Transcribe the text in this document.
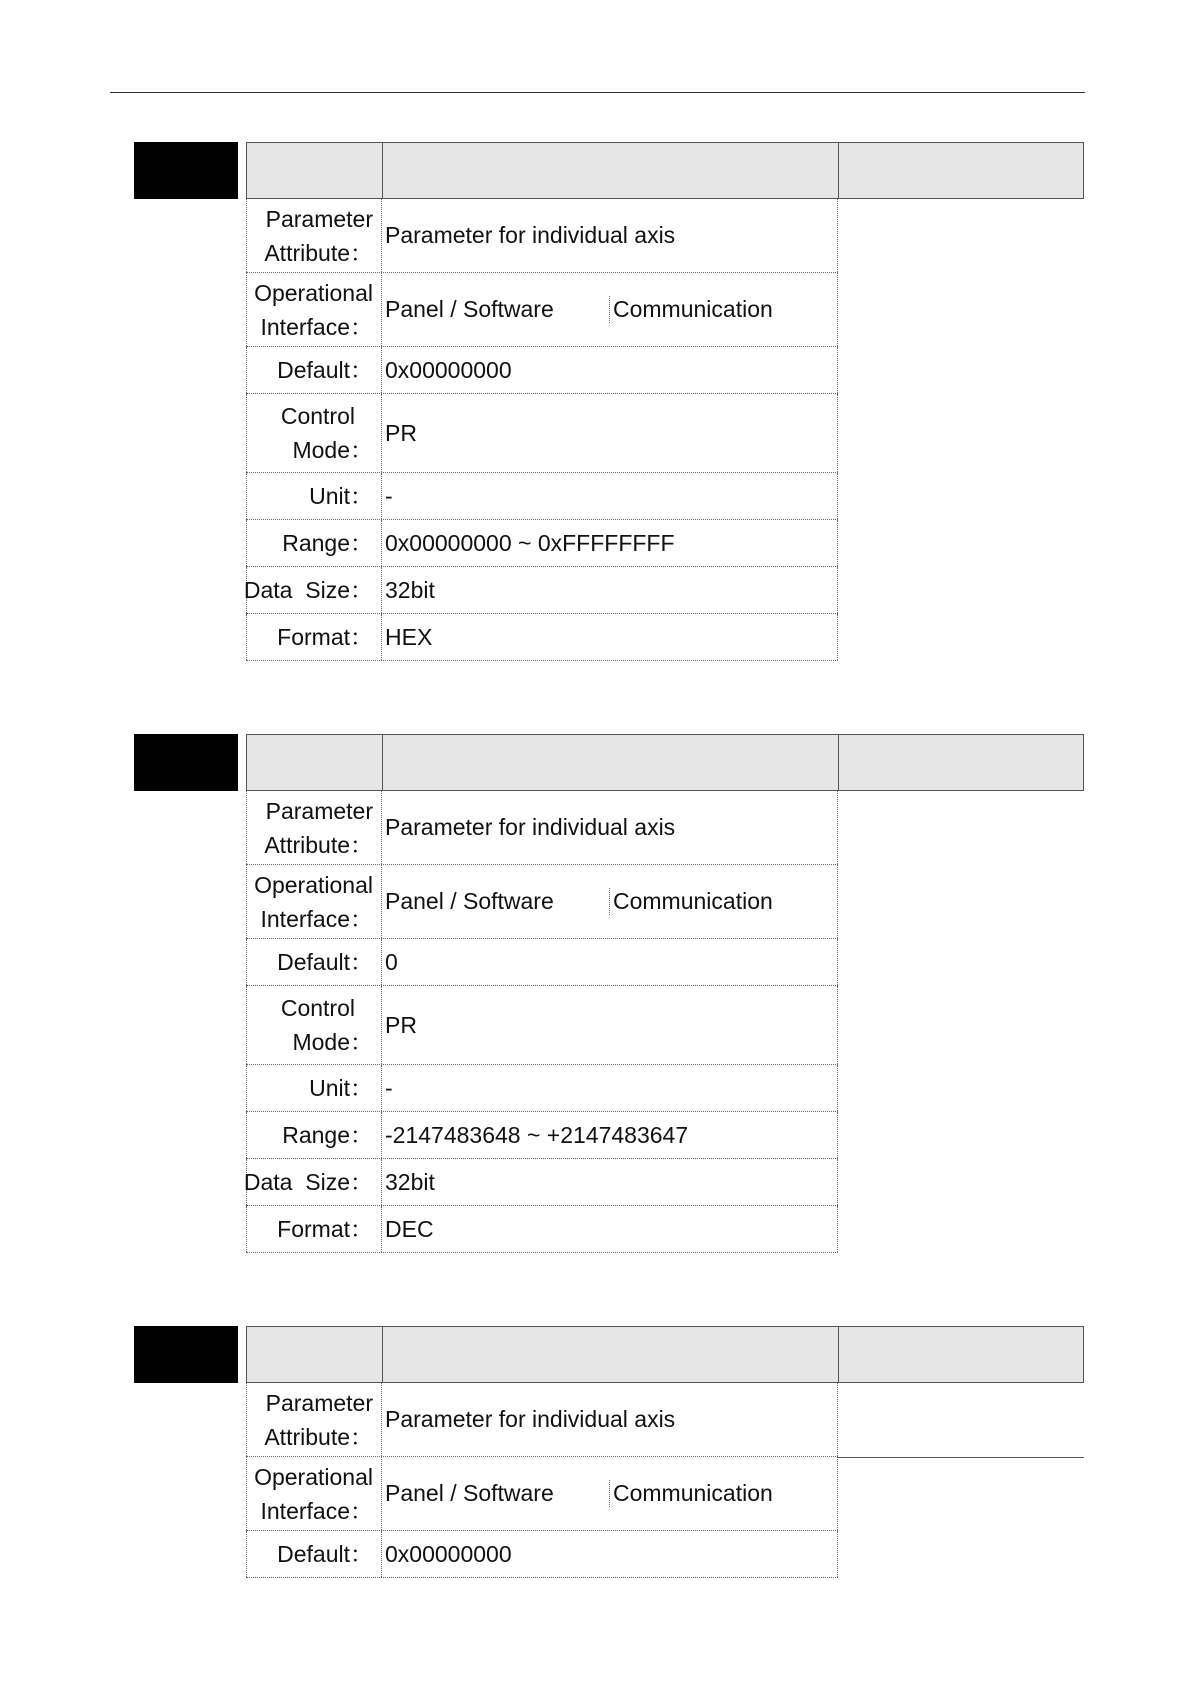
Parameter
Attribute：
Parameter for individual axis
Operational
Interface：
Panel / Software	Communication
Default： 0x00000000
Control
Mode：
PR
Unit： -
Range： 0x00000000 ~ 0xFFFFFFFF
Data  Size： 32bit
Format： HEX
Parameter
Attribute：
Parameter for individual axis
Operational
Interface：
Panel / Software	Communication
Default： 0
Control
Mode：
PR
Unit： -
Range： -2147483648 ~ +2147483647
Data  Size： 32bit
Format： DEC
Parameter
Attribute：
Parameter for individual axis
Operational
Interface：
Panel / Software	Communication
Default： 0x00000000
